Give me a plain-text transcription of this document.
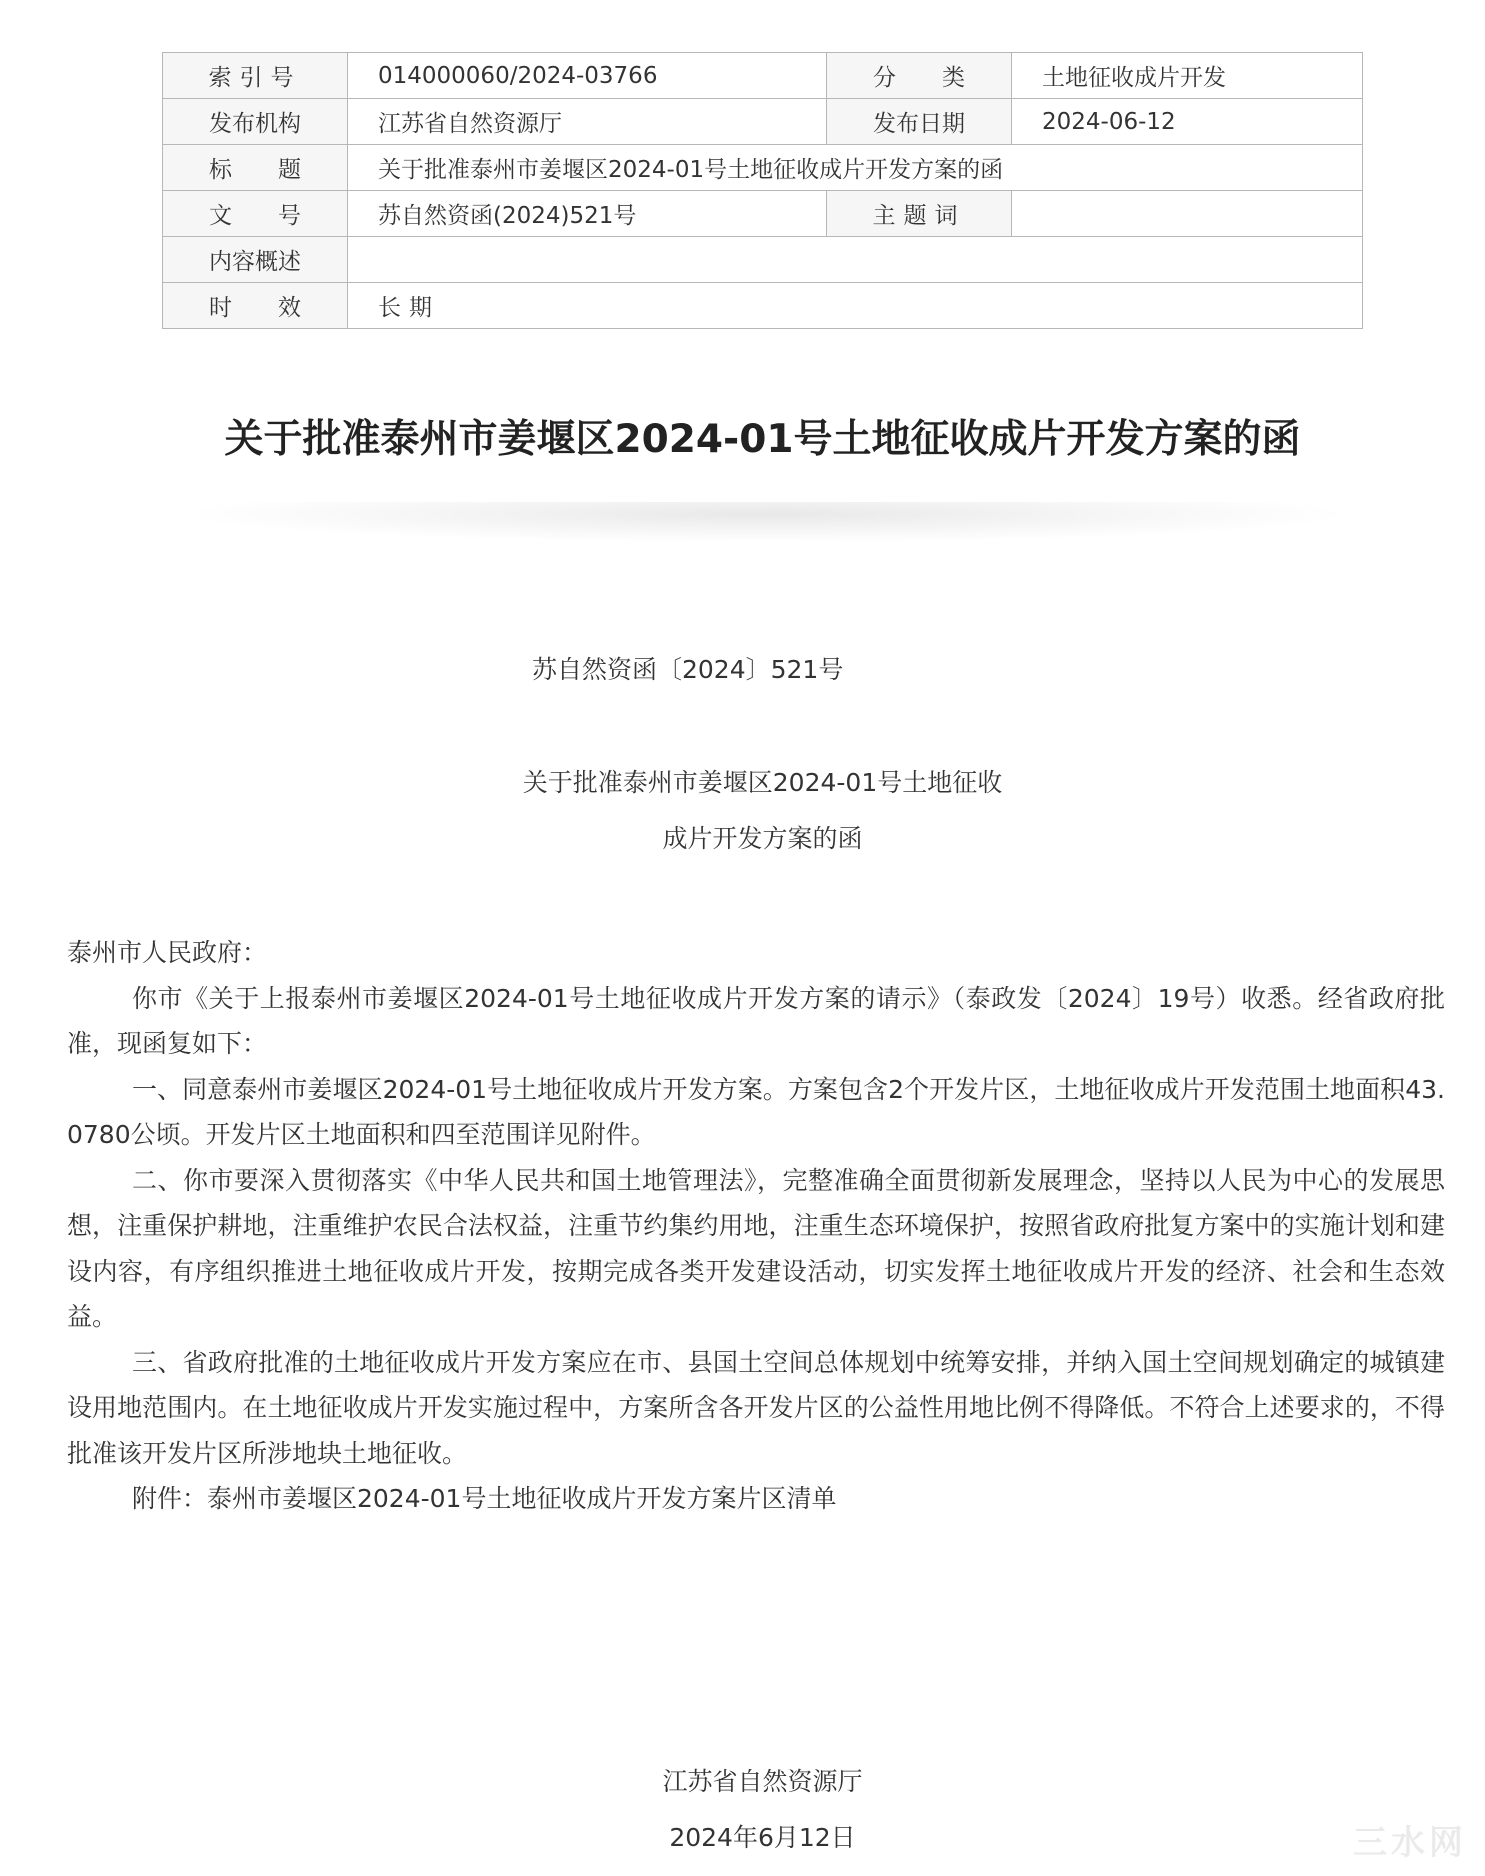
索引号	014000060/2024-03766	分类	土地征收成片开发
发布机构	江苏省自然资源厅	发布日期	2024-06-12
标题	关于批准泰州市姜堰区2024-01号土地征收成片开发方案的函		
文号	苏自然资函(2024)521号	主题词	
内容概述			
时效	长期		
关于批准泰州市姜堰区2024-01号土地征收成片开发方案的函
苏自然资函〔2024〕521号
关于批准泰州市姜堰区2024-01号土地征收
成片开发方案的函

泰州市人民政府：

你市《关于上报泰州市姜堰区2024-01号土地征收成片开发方案的请示》（泰政发〔2024〕19号）收悉。经省政府批准，现函复如下：

一、同意泰州市姜堰区2024-01号土地征收成片开发方案。方案包含2个开发片区，土地征收成片开发范围土地面积43.0780公顷。开发片区土地面积和四至范围详见附件。

二、你市要深入贯彻落实《中华人民共和国土地管理法》，完整准确全面贯彻新发展理念，坚持以人民为中心的发展思想，注重保护耕地，注重维护农民合法权益，注重节约集约用地，注重生态环境保护，按照省政府批复方案中的实施计划和建设内容，有序组织推进土地征收成片开发，按期完成各类开发建设活动，切实发挥土地征收成片开发的经济、社会和生态效益。

三、省政府批准的土地征收成片开发方案应在市、县国土空间总体规划中统筹安排，并纳入国土空间规划确定的城镇建设用地范围内。在土地征收成片开发实施过程中，方案所含各开发片区的公益性用地比例不得降低。不符合上述要求的，不得批准该开发片区所涉地块土地征收。

附件：泰州市姜堰区2024-01号土地征收成片开发方案片区清单

江苏省自然资源厅
2024年6月12日	三水网
